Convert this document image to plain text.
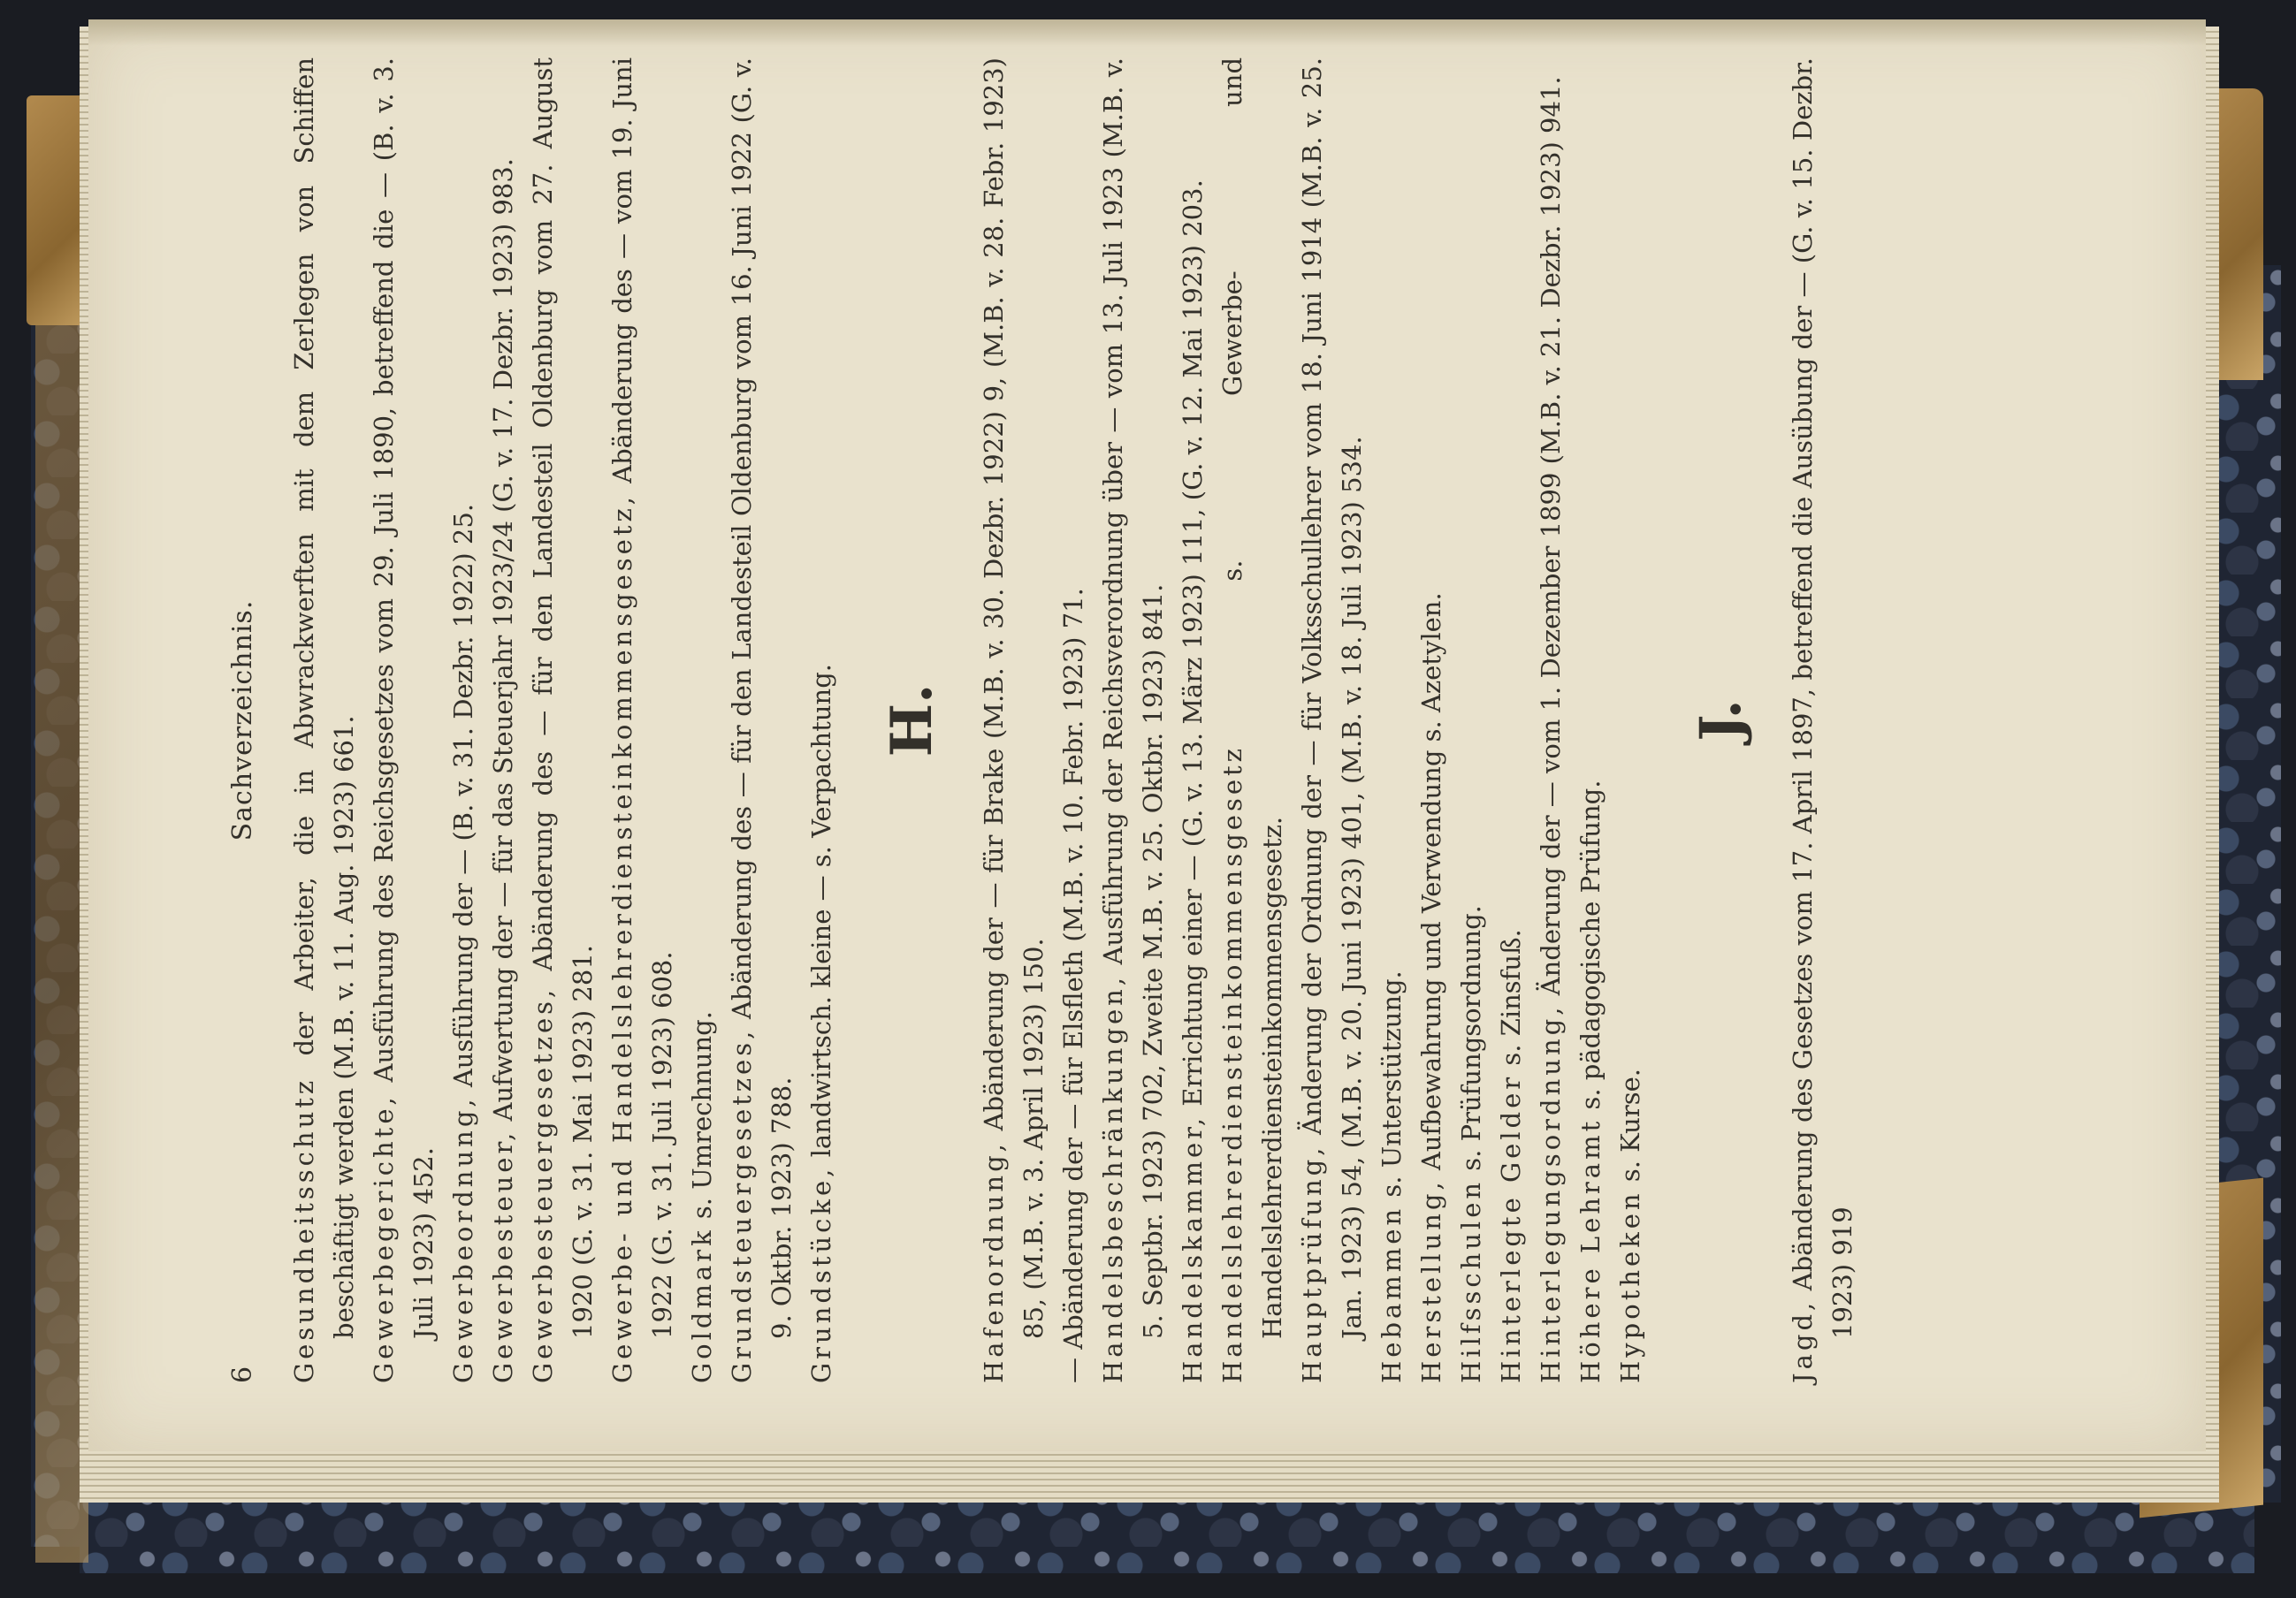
6
Sachverzeichnis.

Gesundheitsschutz der Arbeiter, die in Abwrackwerften mit dem Zerlegen von Schiffen beschäftigt werden (M.B. v. 11. Aug. 1923) 661. Gewerbegerichte, Ausführung des Reichsgesetzes vom 29. Juli 1890, betreffend die — (B. v. 3. Juli 1923) 452. Gewerbeordnung, Ausführung der — (B. v. 31. Dezbr. 1922) 25.

Gewerbesteuer, Aufwertung der — für das Steuerjahr 1923/24 (G. v. 17. Dezbr. 1923) 983.

Gewerbesteuergesetzes, Abänderung des — für den Landesteil Oldenburg vom 27. August 1920 (G. v. 31. Mai 1923) 281. Gewerbe- und Handelslehrerdiensteinkommensgesetz, Abänderung des — vom 19. Juni 1922 (G. v. 31. Juli 1923) 608. Goldmark s. Umrechnung. Grundsteuergesetzes, Abänderung des — für den Landesteil Oldenburg vom 16. Juni 1922 (G. v. 9. Oktbr. 1923) 788. Grundstücke, landwirtsch. kleine — s. Verpachtung. H.

Hafenordnung, Abänderung der — für Brake (M.B. v. 30. Dezbr. 1922) 9, (M.B. v. 28. Febr. 1923) 85, (M.B. v. 3. April 1923) 150.

— Abänderung der — für Elsfleth (M.B. v. 10. Febr. 1923) 71. Handelsbeschränkungen, Ausführung der Reichsverordnung über — vom 13. Juli 1923 (M.B. v. 5. Septbr. 1923) 702, Zweite M.B. v. 25. Oktbr. 1923) 841. Handelskammer, Errichtung einer — (G. v. 13. März 1923) 111, (G. v. 12. Mai 1923) 203. Handelslehrerdiensteinkommensgesetz s. Gewerbe- und Handelslehrerdiensteinkommensgesetz. Hauptprüfung, Änderung der Ordnung der — für Volksschullehrer vom 18. Juni 1914 (M.B. v. 25. Jan. 1923) 54, (M.B. v. 20. Juni 1923) 401, (M.B. v. 18. Juli 1923) 534. Hebammen s. Unterstützung.

Herstellung, Aufbewahrung und Verwendung s. Azetylen.

Hilfsschulen s. Prüfungsordnung.

Hinterlegte Gelder s. Zinsfuß.

Hinterlegungsordnung, Änderung der — vom 1. Dezember 1899 (M.B. v. 21. Dezbr. 1923) 941.

Höhere Lehramt s. pädagogische Prüfung.

Hypotheken s. Kurse.

J.

Jagd, Abänderung des Gesetzes vom 17. April 1897, betreffend die Ausübung der — (G. v. 15. Dezbr. 1923) 919
